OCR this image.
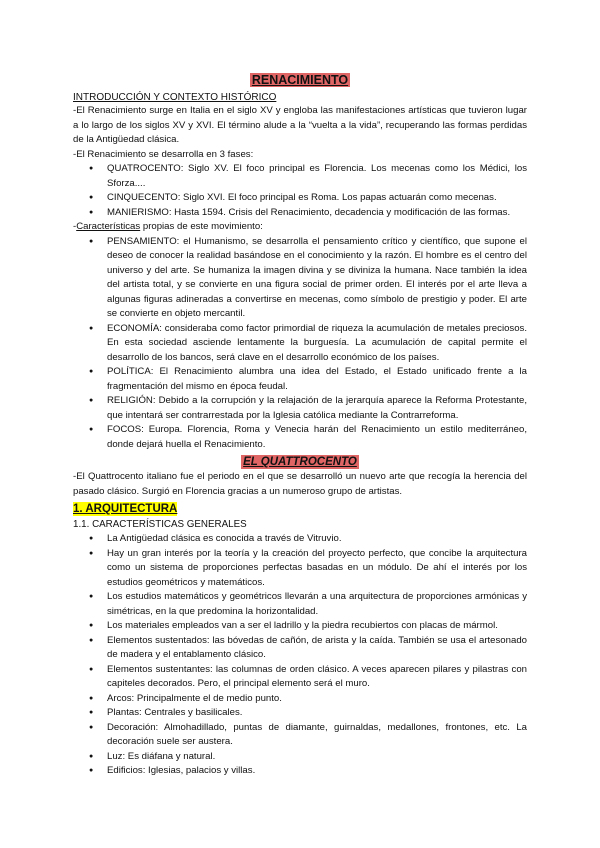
RENACIMIENTO
INTRODUCCIÓN Y CONTEXTO HISTÓRICO

-El Renacimiento surge en Italia en el siglo XV y engloba las manifestaciones artísticas que tuvieron lugar a lo largo de los siglos XV y XVI. El término alude a la “vuelta a la vida”, recuperando las formas perdidas de la Antigüedad clásica.

-El Renacimiento se desarrolla en 3 fases:

● QUATROCENTO: Siglo XV. El foco principal es Florencia. Los mecenas como los Médici, los Sforza....
● CINQUECENTO: Siglo XVI. El foco principal es Roma. Los papas actuarán como mecenas.
● MANIERISMO: Hasta 1594. Crisis del Renacimiento, decadencia y modificación de las formas.

-Características propias de este movimiento:

● PENSAMIENTO: el Humanismo, se desarrolla el pensamiento crítico y científico, que supone el deseo de conocer la realidad basándose en el conocimiento y la razón. El hombre es el centro del universo y del arte. Se humaniza la imagen divina y se diviniza la humana. Nace también la idea del artista total, y se convierte en una figura social de primer orden. El interés por el arte lleva a algunas figuras adineradas a convertirse en mecenas, como símbolo de prestigio y poder. El arte se convierte en objeto mercantil.
● ECONOMÍA: consideraba como factor primordial de riqueza la acumulación de metales preciosos. En esta sociedad asciende lentamente la burguesía. La acumulación de capital permite el desarrollo de los bancos, será clave en el desarrollo económico de los países.
● POLÍTICA: El Renacimiento alumbra una idea del Estado, el Estado unificado frente a la fragmentación del mismo en época feudal.
● RELIGIÓN: Debido a la corrupción y la relajación de la jerarquía aparece la Reforma Protestante, que intentará ser contrarrestada por la Iglesia católica mediante la Contrarreforma.
● FOCOS: Europa. Florencia, Roma y Venecia harán del Renacimiento un estilo mediterráneo, donde dejará huella el Renacimiento.
EL QUATTROCENTO

-El Quattrocento italiano fue el periodo en el que se desarrolló un nuevo arte que recogía la herencia del pasado clásico. Surgió en Florencia gracias a un numeroso grupo de artistas.

1. ARQUITECTURA
1.1. CARACTERÍSTICAS GENERALES
● La Antigüedad clásica es conocida a través de Vitruvio.
● Hay un gran interés por la teoría y la creación del proyecto perfecto, que concibe la arquitectura como un sistema de proporciones perfectas basadas en un módulo. De ahí el interés por los estudios geométricos y matemáticos.
● Los estudios matemáticos y geométricos llevarán a una arquitectura de proporciones armónicas y simétricas, en la que predomina la horizontalidad.
● Los materiales empleados van a ser el ladrillo y la piedra recubiertos con placas de mármol.
● Elementos sustentados: las bóvedas de cañón, de arista y la caída. También se usa el artesonado de madera y el entablamento clásico.
● Elementos sustentantes: las columnas de orden clásico. A veces aparecen pilares y pilastras con capiteles decorados. Pero, el principal elemento será el muro.
● Arcos: Principalmente el de medio punto.
● Plantas: Centrales y basilicales.
● Decoración: Almohadillado, puntas de diamante, guirnaldas, medallones, frontones, etc. La decoración suele ser austera.
● Luz: Es diáfana y natural.
● Edificios: Iglesias, palacios y villas.
